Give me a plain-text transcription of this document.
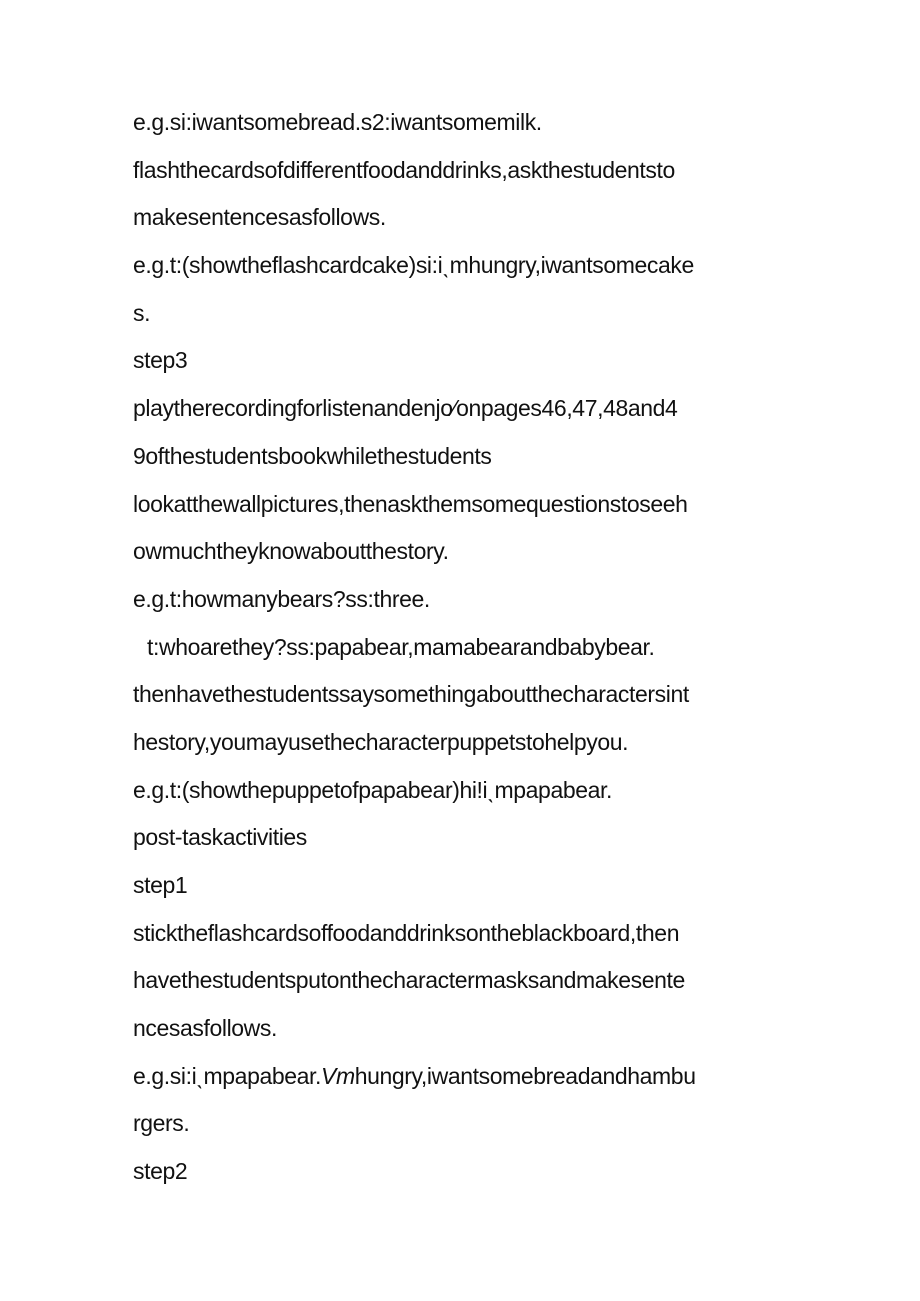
e.g.si:iwantsomebread.s2:iwantsomemilk.
flashthecardsofdifferentfoodanddrinks,askthestudentsto
makesentencesasfollows.
e.g.t:(showtheflashcardcake)si:iˎmhungry,iwantsomecake
s.
step3
playtherecordingforlistenandenjo⁄onpages46,47,48and4
9ofthestudentsbookwhilethestudents
lookatthewallpictures,thenaskthemsomequestionstoseeh
owmuchtheyknowaboutthestory.
e.g.t:howmanybears?ss:three.
t:whoarethey?ss:papabear,mamabearandbabybear.
thenhavethestudentssaysomethingaboutthecharactersint
hestory,youmayusethecharacterpuppetstohelpyou.
e.g.t:(showthepuppetofpapabear)hi!iˎmpapabear.
post-taskactivities
step1
sticktheflashcardsoffoodanddrinksontheblackboard,then
havethestudentsputonthecharactermasksandmakesente
ncesasfollows.
e.g.si:iˎmpapabear.Vmhungry,iwantsomebreadandhambu
rgers.
step2
